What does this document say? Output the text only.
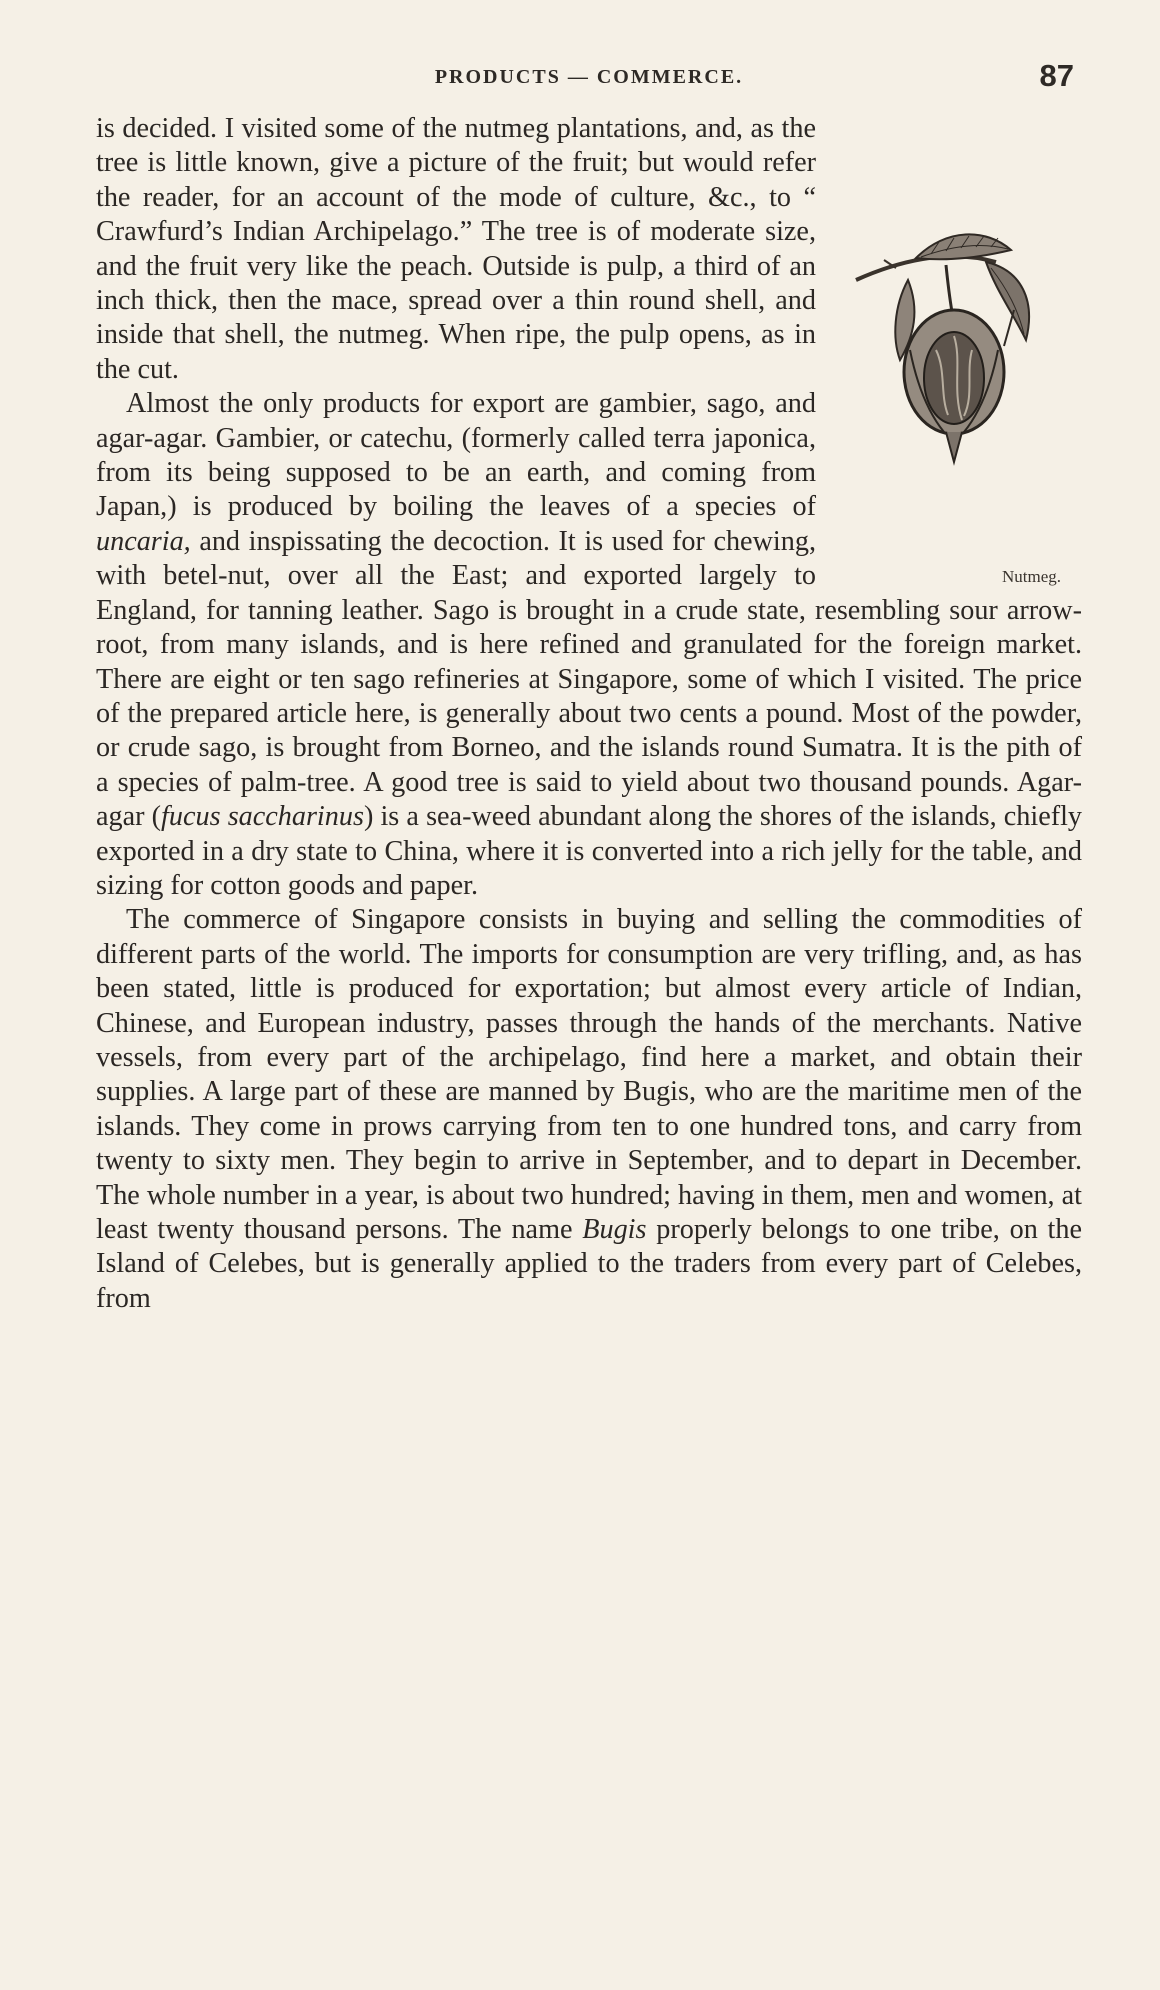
PRODUCTS — COMMERCE.	87
Nutmeg.

is decided. I visited some of the nutmeg plantations, and, as the tree is little known, give a picture of the fruit; but would refer the reader, for an account of the mode of culture, &c., to “ Crawfurd’s Indian Archipelago.” The tree is of moderate size, and the fruit very like the peach. Outside is pulp, a third of an inch thick, then the mace, spread over a thin round shell, and inside that shell, the nutmeg. When ripe, the pulp opens, as in the cut.

Almost the only products for export are gambier, sago, and agar-agar. Gambier, or catechu, (formerly called terra japonica, from its being supposed to be an earth, and coming from Japan,) is produced by boiling the leaves of a species of uncaria, and inspissating the decoction. It is used for chewing, with betel-nut, over all the East; and exported largely to England, for tanning leather. Sago is brought in a crude state, resembling sour arrow-root, from many islands, and is here refined and granulated for the foreign market. There are eight or ten sago refineries at Singapore, some of which I visited. The price of the prepared article here, is generally about two cents a pound. Most of the powder, or crude sago, is brought from Borneo, and the islands round Sumatra. It is the pith of a species of palm-tree. A good tree is said to yield about two thousand pounds. Agar-agar (fucus saccharinus) is a sea-weed abundant along the shores of the islands, chiefly exported in a dry state to China, where it is converted into a rich jelly for the table, and sizing for cotton goods and paper.

The commerce of Singapore consists in buying and selling the commodities of different parts of the world. The imports for consumption are very trifling, and, as has been stated, little is produced for exportation; but almost every article of Indian, Chinese, and European industry, passes through the hands of the merchants. Native vessels, from every part of the archipelago, find here a market, and obtain their supplies. A large part of these are manned by Bugis, who are the maritime men of the islands. They come in prows carrying from ten to one hundred tons, and carry from twenty to sixty men. They begin to arrive in September, and to depart in December. The whole number in a year, is about two hundred; having in them, men and women, at least twenty thousand persons. The name Bugis properly belongs to one tribe, on the Island of Celebes, but is generally applied to the traders from every part of Celebes, from
